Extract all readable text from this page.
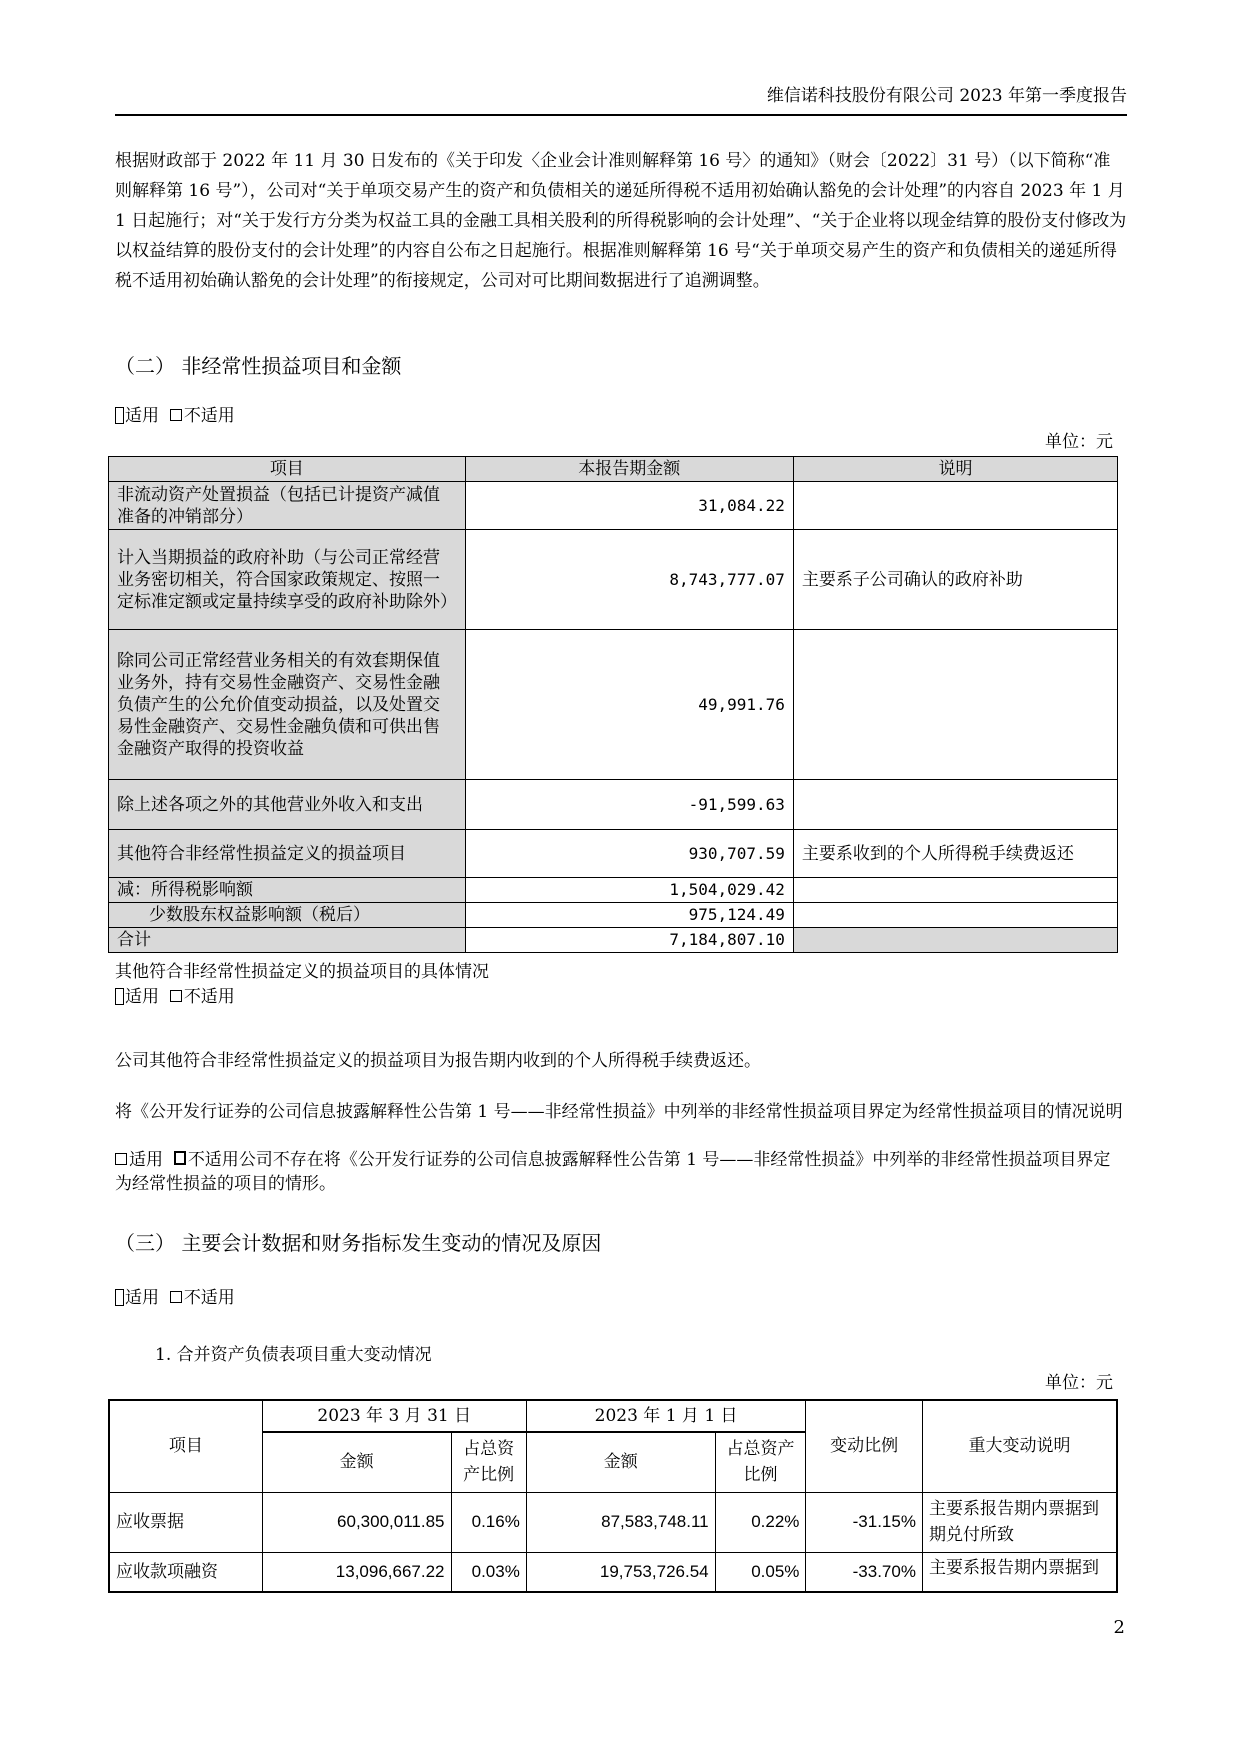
维信诺科技股份有限公司 2023 年第一季度报告
根据财政部于 2022 年 11 月 30 日发布的《关于印发〈企业会计准则解释第 16 号〉的通知》（财会〔2022〕31 号）（以下简称“准则解释第 16 号”），公司对“关于单项交易产生的资产和负债相关的递延所得税不适用初始确认豁免的会计处理”的内容自 2023 年 1 月 1 日起施行；对“关于发行方分类为权益工具的金融工具相关股利的所得税影响的会计处理”、“关于企业将以现金结算的股份支付修改为以权益结算的股份支付的会计处理”的内容自公布之日起施行。根据准则解释第 16 号“关于单项交易产生的资产和负债相关的递延所得税不适用初始确认豁免的会计处理”的衔接规定，公司对可比期间数据进行了追溯调整。
（二） 非经常性损益项目和金额
适用 不适用
单位：元
项目	本报告期金额	说明
非流动资产处置损益（包括已计提资产减值准备的冲销部分）	31,084.22	
计入当期损益的政府补助（与公司正常经营业务密切相关，符合国家政策规定、按照一定标准定额或定量持续享受的政府补助除外）	8,743,777.07	主要系子公司确认的政府补助
除同公司正常经营业务相关的有效套期保值业务外，持有交易性金融资产、交易性金融负债产生的公允价值变动损益，以及处置交易性金融资产、交易性金融负债和可供出售金融资产取得的投资收益	49,991.76	
除上述各项之外的其他营业外收入和支出	-91,599.63	
其他符合非经常性损益定义的损益项目	930,707.59	主要系收到的个人所得税手续费返还
减：所得税影响额	1,504,029.42	
少数股东权益影响额（税后）	975,124.49	
合计	7,184,807.10	
其他符合非经常性损益定义的损益项目的具体情况
适用 不适用
公司其他符合非经常性损益定义的损益项目为报告期内收到的个人所得税手续费返还。
将《公开发行证券的公司信息披露解释性公告第 1 号——非经常性损益》中列举的非经常性损益项目界定为经常性损益项目的情况说明
适用 不适用公司不存在将《公开发行证券的公司信息披露解释性公告第 1 号——非经常性损益》中列举的非经常性损益项目界定为经常性损益的项目的情形。
（三） 主要会计数据和财务指标发生变动的情况及原因
适用 不适用
1. 合并资产负债表项目重大变动情况
单位：元
项目	2023 年 3 月 31 日		2023 年 1 月 1 日		变动比例	重大变动说明
	金额	占总资产比例	金额	占总资产比例		
应收票据	60,300,011.85	0.16%	87,583,748.11	0.22%	-31.15%	主要系报告期内票据到期兑付所致
应收款项融资	13,096,667.22	0.03%	19,753,726.54	0.05%	-33.70%	主要系报告期内票据到
2
